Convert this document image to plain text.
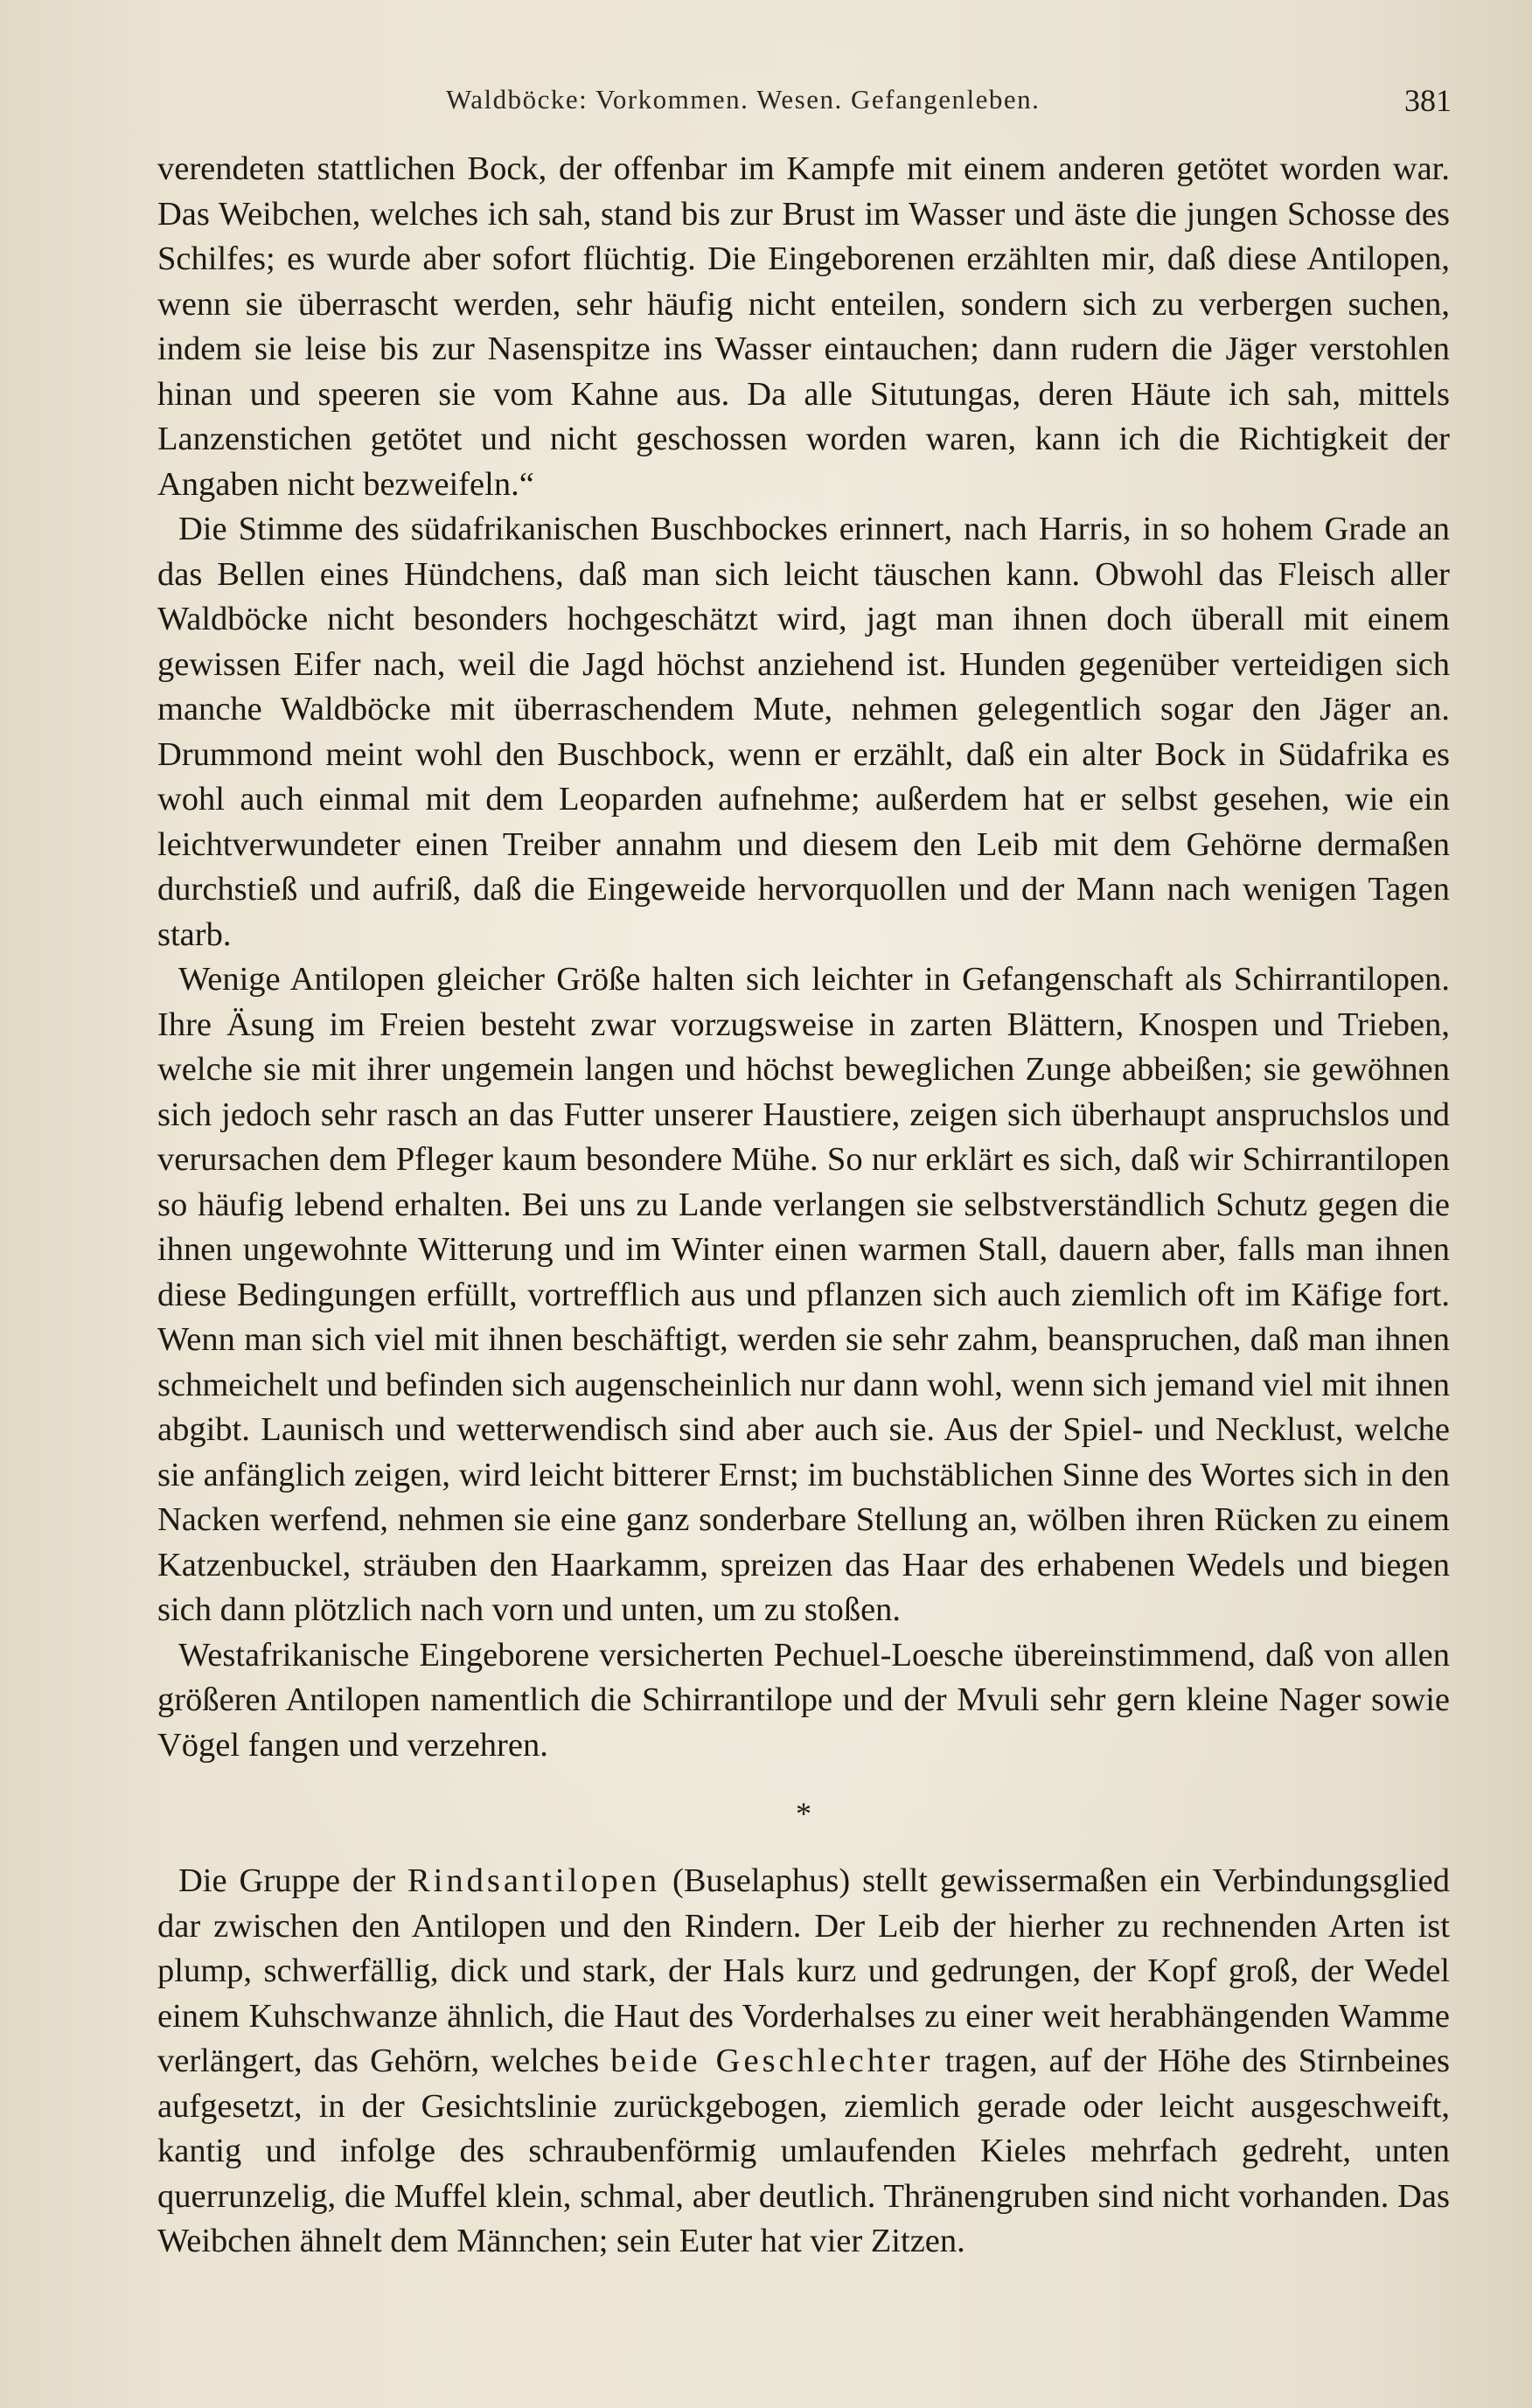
Waldböcke: Vorkommen. Wesen. Gefangenleben.	381

verendeten stattlichen Bock, der offenbar im Kampfe mit einem anderen getötet worden war. Das Weibchen, welches ich sah, stand bis zur Brust im Wasser und äste die jungen Schosse des Schilfes; es wurde aber sofort flüchtig. Die Eingeborenen erzählten mir, daß diese Antilopen, wenn sie überrascht werden, sehr häufig nicht enteilen, sondern sich zu verbergen suchen, indem sie leise bis zur Nasenspitze ins Wasser eintauchen; dann rudern die Jäger verstohlen hinan und speeren sie vom Kahne aus. Da alle Situtungas, deren Häute ich sah, mittels Lanzenstichen getötet und nicht geschossen worden waren, kann ich die Richtigkeit der Angaben nicht bezweifeln.“

Die Stimme des südafrikanischen Buschbockes erinnert, nach Harris, in so hohem Grade an das Bellen eines Hündchens, daß man sich leicht täuschen kann. Obwohl das Fleisch aller Waldböcke nicht besonders hochgeschätzt wird, jagt man ihnen doch überall mit einem gewissen Eifer nach, weil die Jagd höchst anziehend ist. Hunden gegenüber verteidigen sich manche Waldböcke mit überraschendem Mute, nehmen gelegentlich sogar den Jäger an. Drummond meint wohl den Buschbock, wenn er erzählt, daß ein alter Bock in Südafrika es wohl auch einmal mit dem Leoparden aufnehme; außerdem hat er selbst gesehen, wie ein leichtverwundeter einen Treiber annahm und diesem den Leib mit dem Gehörne dermaßen durchstieß und aufriß, daß die Eingeweide hervorquollen und der Mann nach wenigen Tagen starb.

Wenige Antilopen gleicher Größe halten sich leichter in Gefangenschaft als Schirrantilopen. Ihre Äsung im Freien besteht zwar vorzugsweise in zarten Blättern, Knospen und Trieben, welche sie mit ihrer ungemein langen und höchst beweglichen Zunge abbeißen; sie gewöhnen sich jedoch sehr rasch an das Futter unserer Haustiere, zeigen sich überhaupt anspruchslos und verursachen dem Pfleger kaum besondere Mühe. So nur erklärt es sich, daß wir Schirrantilopen so häufig lebend erhalten. Bei uns zu Lande verlangen sie selbstverständlich Schutz gegen die ihnen ungewohnte Witterung und im Winter einen warmen Stall, dauern aber, falls man ihnen diese Bedingungen erfüllt, vortrefflich aus und pflanzen sich auch ziemlich oft im Käfige fort. Wenn man sich viel mit ihnen beschäftigt, werden sie sehr zahm, beanspruchen, daß man ihnen schmeichelt und befinden sich augenscheinlich nur dann wohl, wenn sich jemand viel mit ihnen abgibt. Launisch und wetterwendisch sind aber auch sie. Aus der Spiel- und Necklust, welche sie anfänglich zeigen, wird leicht bitterer Ernst; im buchstäblichen Sinne des Wortes sich in den Nacken werfend, nehmen sie eine ganz sonderbare Stellung an, wölben ihren Rücken zu einem Katzenbuckel, sträuben den Haarkamm, spreizen das Haar des erhabenen Wedels und biegen sich dann plötzlich nach vorn und unten, um zu stoßen.

Westafrikanische Eingeborene versicherten Pechuel-Loesche übereinstimmend, daß von allen größeren Antilopen namentlich die Schirrantilope und der Mvuli sehr gern kleine Nager sowie Vögel fangen und verzehren.

*

Die Gruppe der Rindsantilopen (Buselaphus) stellt gewissermaßen ein Verbindungsglied dar zwischen den Antilopen und den Rindern. Der Leib der hierher zu rechnenden Arten ist plump, schwerfällig, dick und stark, der Hals kurz und gedrungen, der Kopf groß, der Wedel einem Kuhschwanze ähnlich, die Haut des Vorderhalses zu einer weit herabhängenden Wamme verlängert, das Gehörn, welches beide Geschlechter tragen, auf der Höhe des Stirnbeines aufgesetzt, in der Gesichtslinie zurückgebogen, ziemlich gerade oder leicht ausgeschweift, kantig und infolge des schraubenförmig umlaufenden Kieles mehrfach gedreht, unten querrunzelig, die Muffel klein, schmal, aber deutlich. Thränengruben sind nicht vorhanden. Das Weibchen ähnelt dem Männchen; sein Euter hat vier Zitzen.
